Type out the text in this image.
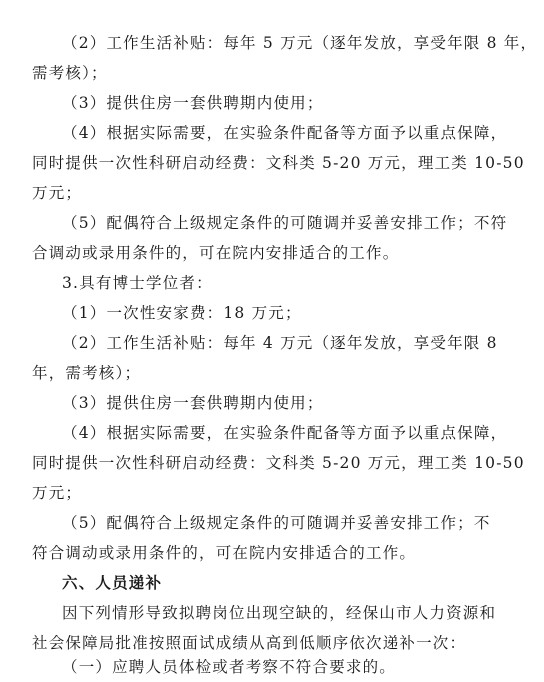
（2）工作生活补贴：每年 5 万元（逐年发放，享受年限 8 年，
需考核）；
（3）提供住房一套供聘期内使用；
（4）根据实际需要，在实验条件配备等方面予以重点保障，
同时提供一次性科研启动经费：文科类 5-20 万元，理工类 10-50
万元；
（5）配偶符合上级规定条件的可随调并妥善安排工作；不符
合调动或录用条件的，可在院内安排适合的工作。
3.具有博士学位者：
（1）一次性安家费：18 万元；
（2）工作生活补贴：每年 4 万元（逐年发放，享受年限 8
年，需考核）；
（3）提供住房一套供聘期内使用；
（4）根据实际需要，在实验条件配备等方面予以重点保障，
同时提供一次性科研启动经费：文科类 5-20 万元，理工类 10-50
万元；
（5）配偶符合上级规定条件的可随调并妥善安排工作；不
符合调动或录用条件的，可在院内安排适合的工作。
六、人员递补
因下列情形导致拟聘岗位出现空缺的，经保山市人力资源和
社会保障局批准按照面试成绩从高到低顺序依次递补一次：
（一）应聘人员体检或者考察不符合要求的。
